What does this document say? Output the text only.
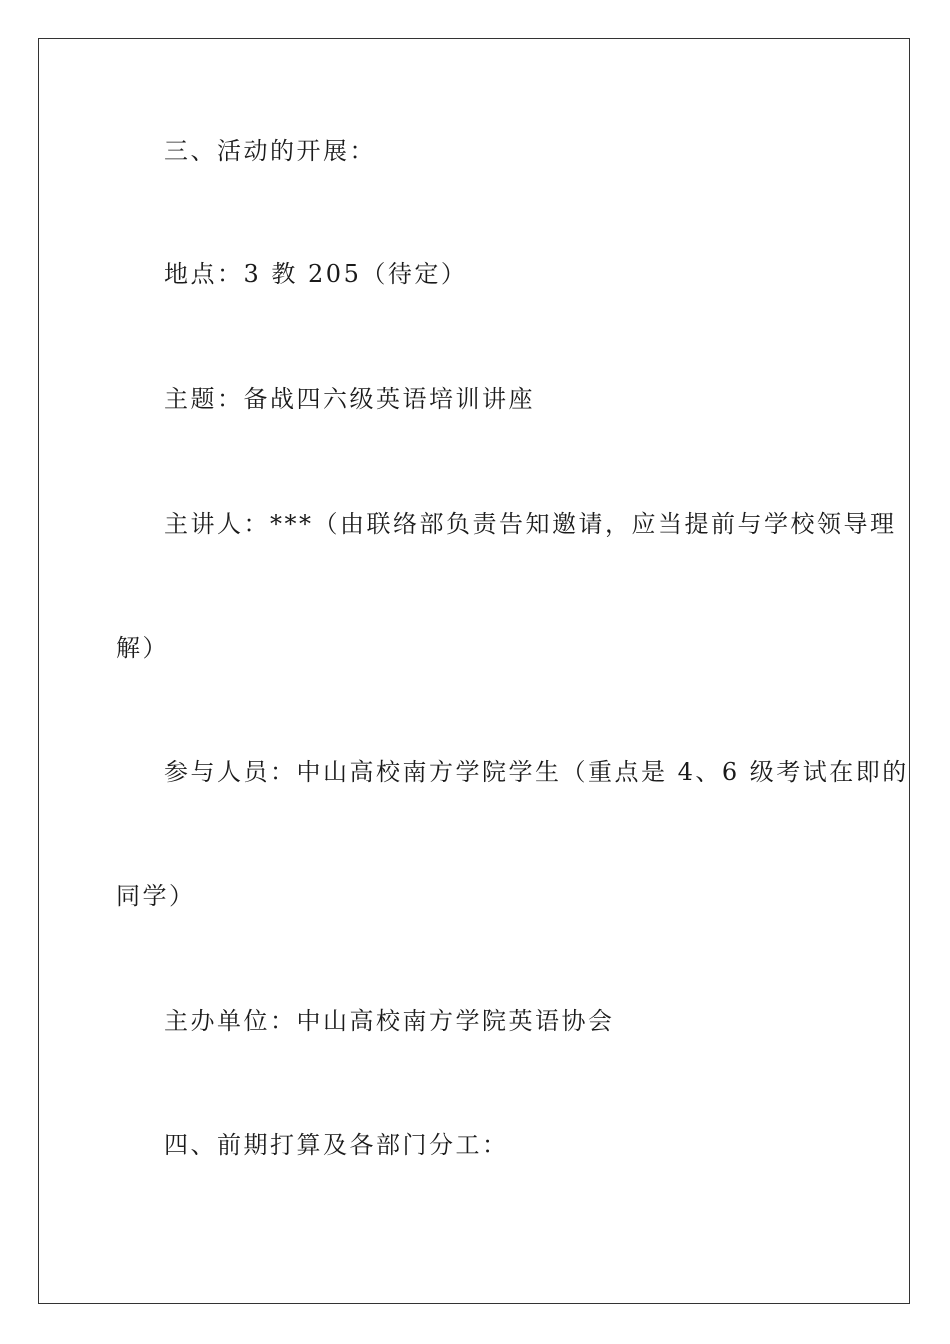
三、活动的开展：

地点：3 教 205（待定）

主题：备战四六级英语培训讲座

主讲人：***（由联络部负责告知邀请，应当提前与学校领导理

解）

参与人员：中山高校南方学院学生（重点是 4、6 级考试在即的

同学）

主办单位：中山高校南方学院英语协会

四、前期打算及各部门分工：
